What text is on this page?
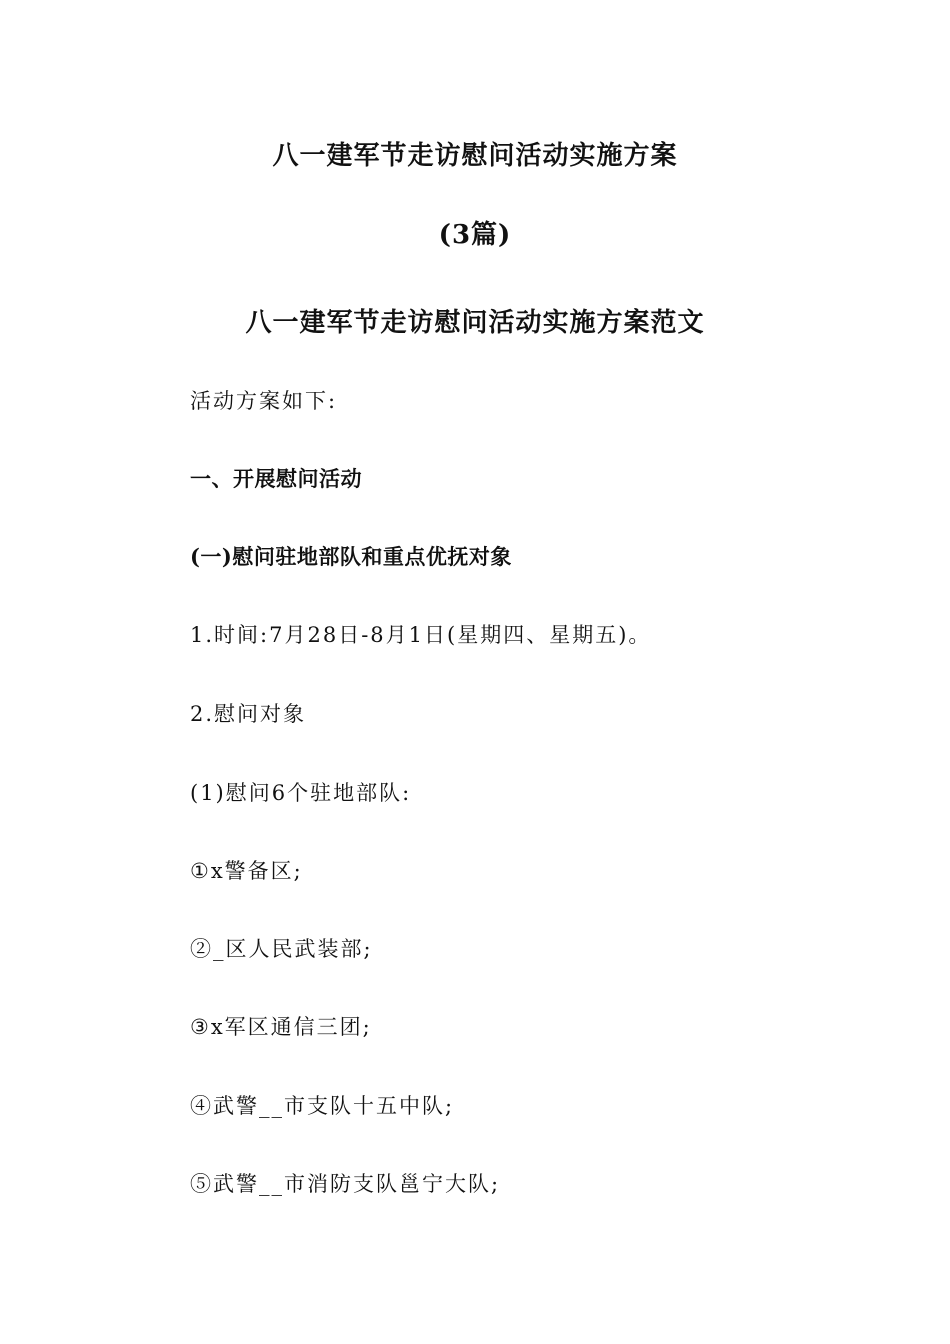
八一建军节走访慰问活动实施方案
(3篇)
八一建军节走访慰问活动实施方案范文
活动方案如下:
一、开展慰问活动
(一)慰问驻地部队和重点优抚对象
1.时间:7月28日-8月1日(星期四、星期五)。
2.慰问对象
(1)慰问6个驻地部队:
①x警备区;
②_区人民武装部;
③x军区通信三团;
④武警__市支队十五中队;
⑤武警__市消防支队邕宁大队;
